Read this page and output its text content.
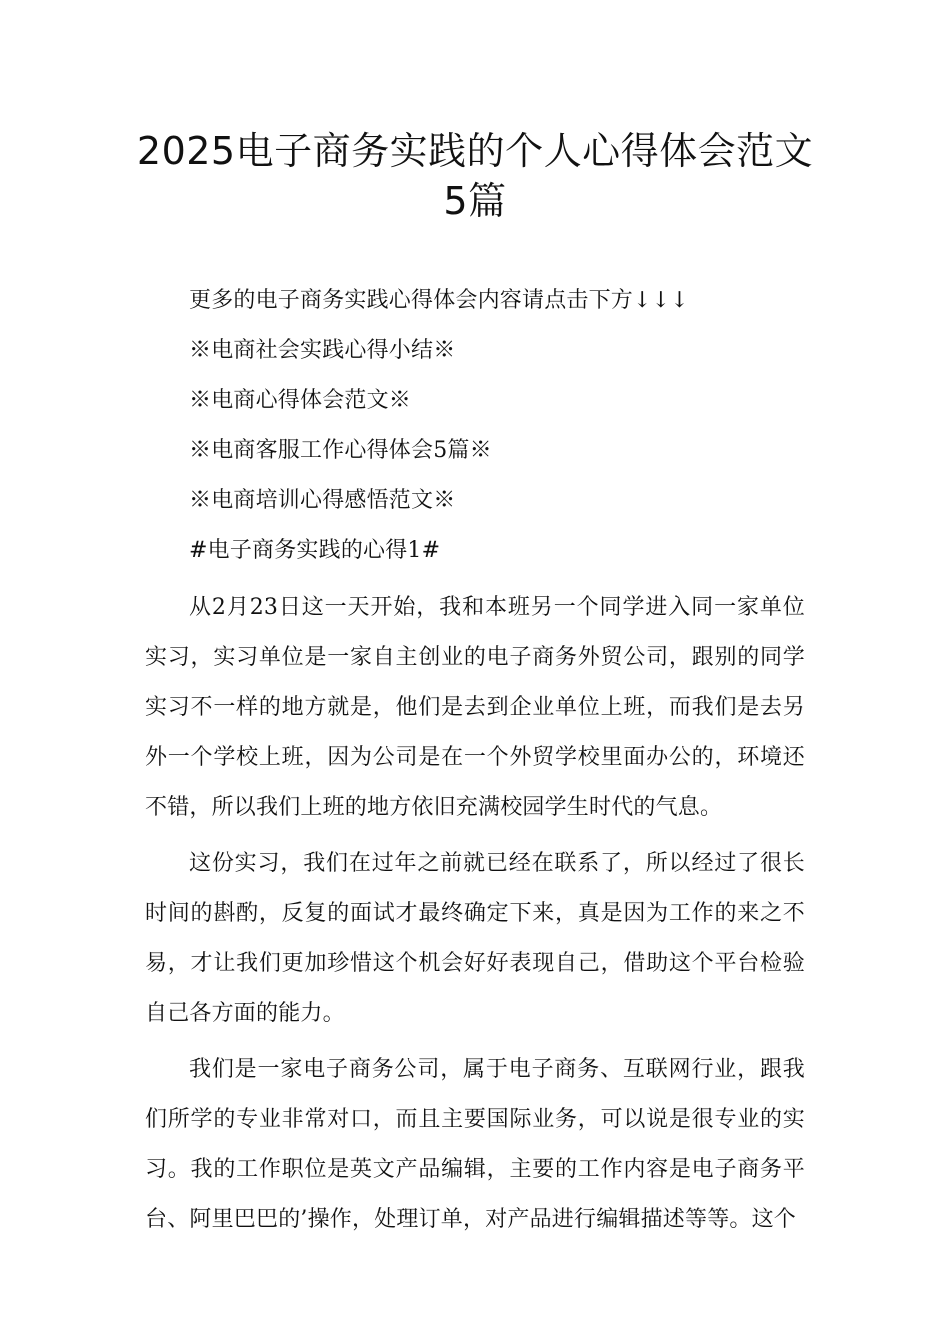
2025电子商务实践的个人心得体会范文
5篇

更多的电子商务实践心得体会内容请点击下方↓↓↓

※电商社会实践心得小结※

※电商心得体会范文※

※电商客服工作心得体会5篇※

※电商培训心得感悟范文※

#电子商务实践的心得1#

从2月23日这一天开始，我和本班另一个同学进入同一家单位实习，实习单位是一家自主创业的电子商务外贸公司，跟别的同学实习不一样的地方就是，他们是去到企业单位上班，而我们是去另外一个学校上班，因为公司是在一个外贸学校里面办公的，环境还不错，所以我们上班的地方依旧充满校园学生时代的气息。

这份实习，我们在过年之前就已经在联系了，所以经过了很长时间的斟酌，反复的面试才最终确定下来，真是因为工作的来之不易，才让我们更加珍惜这个机会好好表现自己，借助这个平台检验自己各方面的能力。

我们是一家电子商务公司，属于电子商务、互联网行业，跟我们所学的专业非常对口，而且主要国际业务，可以说是很专业的实习。我的工作职位是英文产品编辑，主要的工作内容是电子商务平台、阿里巴巴的’操作，处理订单，对产品进行编辑描述等等。这个
